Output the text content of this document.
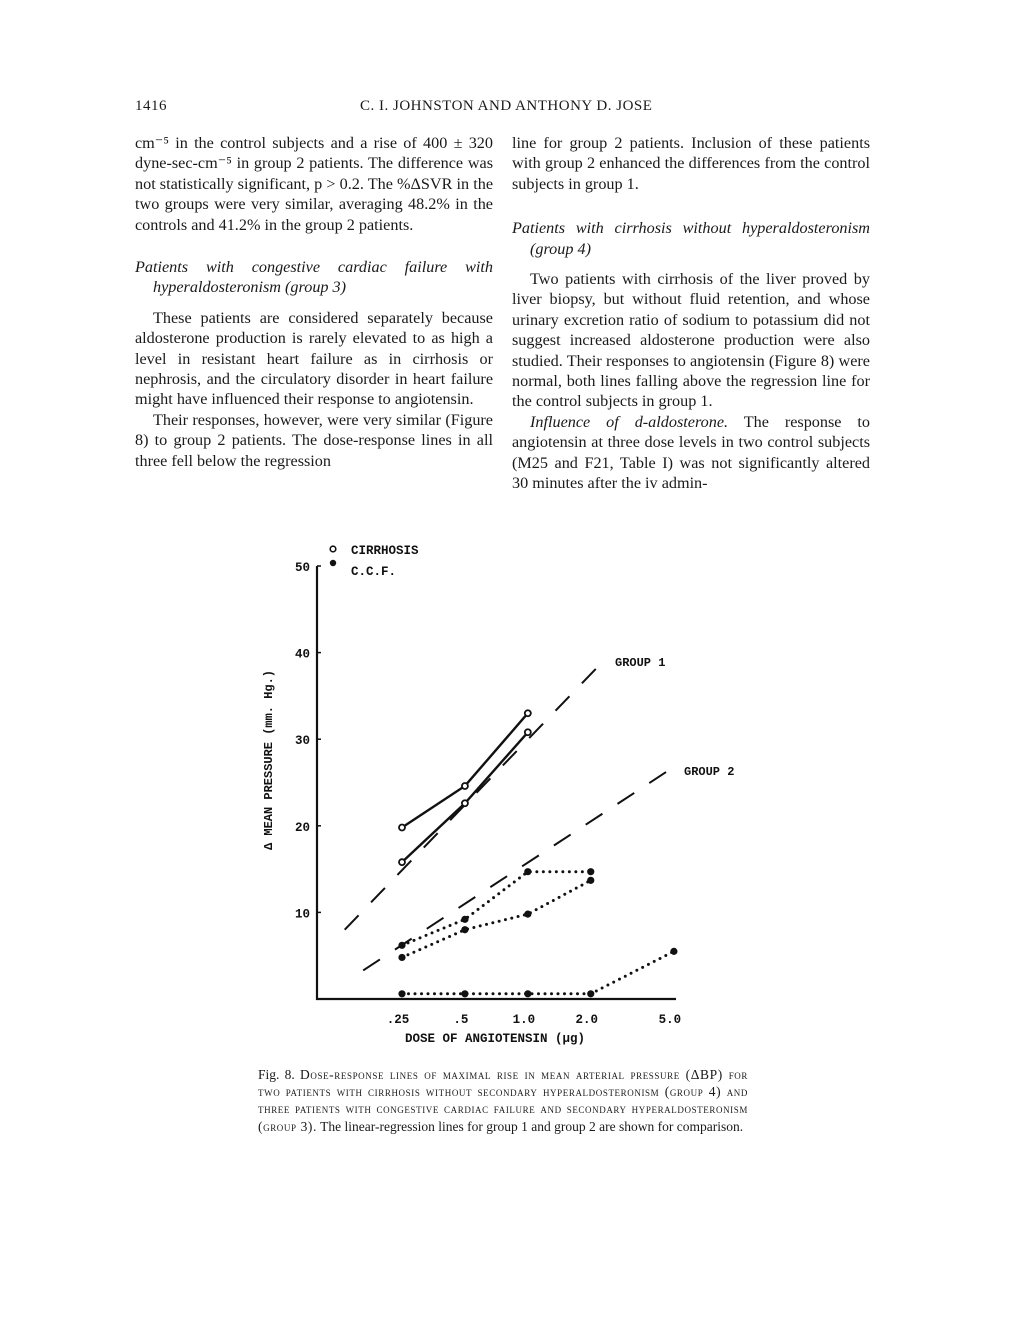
1416	C. I. JOHNSTON AND ANTHONY D. JOSE

cm⁻⁵ in the control subjects and a rise of 400 ± 320 dyne-sec-cm⁻⁵ in group 2 patients. The difference was not statistically significant, p > 0.2. The %ΔSVR in the two groups were very similar, averaging 48.2% in the controls and 41.2% in the group 2 patients.

Patients with congestive cardiac failure with hyperaldosteronism (group 3)

These patients are considered separately because aldosterone production is rarely elevated to as high a level in resistant heart failure as in cirrhosis or nephrosis, and the circulatory disorder in heart failure might have influenced their response to angiotensin.

Their responses, however, were very similar (Figure 8) to group 2 patients. The dose-response lines in all three fell below the regression

line for group 2 patients. Inclusion of these patients with group 2 enhanced the differences from the control subjects in group 1.

Patients with cirrhosis without hyperaldosteronism (group 4)

Two patients with cirrhosis of the liver proved by liver biopsy, but without fluid retention, and whose urinary excretion ratio of sodium to potassium did not suggest increased aldosterone production were also studied. Their responses to angiotensin (Figure 8) were normal, both lines falling above the regression line for the control subjects in group 1.

Influence of d-aldosterone. The response to angiotensin at three dose levels in two control subjects (M25 and F21, Table I) was not significantly altered 30 minutes after the iv admin-

10
20
30
40
50
.25	.5	1.0	2.0	5.0
CIRRHOSIS
C.C.F.
GROUP 1
GROUP 2
DOSE OF ANGIOTENSIN (μg)
Δ MEAN PRESSURE (mm. Hg.)
Fig. 8. Dose-response lines of maximal rise in mean arterial pressure (ΔBP) for two patients with cirrhosis without secondary hyperaldosteronism (group 4) and three patients with congestive cardiac failure and secondary hyperaldosteronism (group 3). The linear-regression lines for group 1 and group 2 are shown for comparison.
